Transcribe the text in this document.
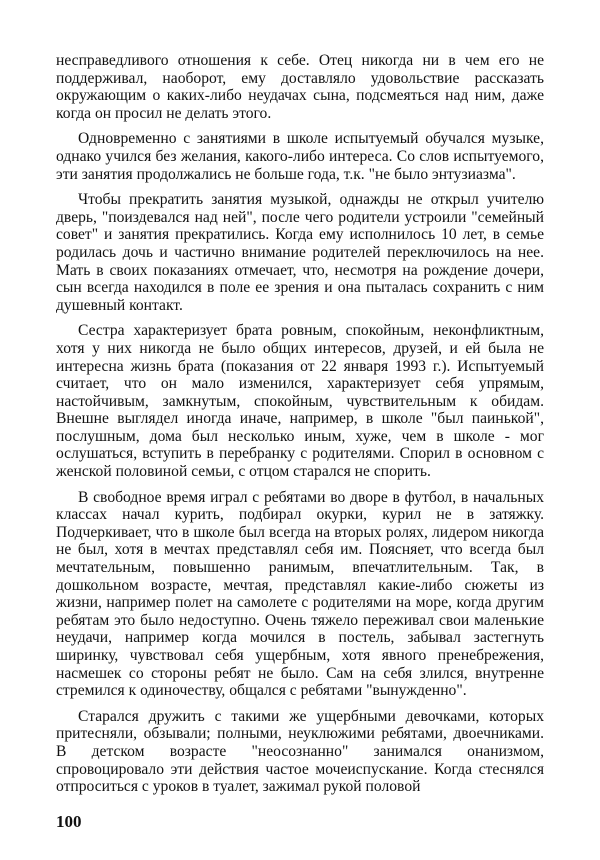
несправедливого отношения к себе. Отец никогда ни в чем его не поддерживал, наоборот, ему доставляло удовольствие рассказать окружающим о каких-либо неудачах сына, подсмеяться над ним, даже когда он просил не делать этого.

Одновременно с занятиями в школе испытуемый обучался музыке, однако учился без желания, какого-либо интереса. Со слов испытуемого, эти занятия продолжались не больше года, т.к. "не было энтузиазма".

Чтобы прекратить занятия музыкой, однажды не открыл учителю дверь, "поиздевался над ней", после чего родители устроили "семейный совет" и занятия прекратились. Когда ему исполнилось 10 лет, в семье родилась дочь и частично внимание родителей переключилось на нее. Мать в своих показаниях отмечает, что, несмотря на рождение дочери, сын всегда находился в поле ее зрения и она пыталась сохранить с ним душевный контакт.

Сестра характеризует брата ровным, спокойным, неконфликтным, хотя у них никогда не было общих интересов, друзей, и ей была не интересна жизнь брата (показания от 22 января 1993 г.). Испытуемый считает, что он мало изменился, характеризует себя упрямым, настойчивым, замкнутым, спокойным, чувствительным к обидам. Внешне выглядел иногда иначе, например, в школе "был паинькой", послушным, дома был несколько иным, хуже, чем в школе - мог ослушаться, вступить в перебранку с родителями. Спорил в основном с женской половиной семьи, с отцом старался не спорить.

В свободное время играл с ребятами во дворе в футбол, в начальных классах начал курить, подбирал окурки, курил не в затяжку. Подчеркивает, что в школе был всегда на вторых ролях, лидером никогда не был, хотя в мечтах представлял себя им. Поясняет, что всегда был мечтательным, повышенно ранимым, впечатлительным. Так, в дошкольном возрасте, мечтая, представлял какие-либо сюжеты из жизни, например полет на самолете с родителями на море, когда другим ребятам это было недоступно. Очень тяжело переживал свои маленькие неудачи, например когда мочился в постель, забывал застегнуть ширинку, чувствовал себя ущербным, хотя явного пренебрежения, насмешек со стороны ребят не было. Сам на себя злился, внутренне стремился к одиночеству, общался с ребятами "вынужденно".

Старался дружить с такими же ущербными девочками, которых притесняли, обзывали; полными, неуклюжими ребятами, двоечниками. В детском возрасте "неосознанно" занимался онанизмом, спровоцировало эти действия частое мочеиспускание. Когда стеснялся отпроситься с уроков в туалет, зажимал рукой половой

100
